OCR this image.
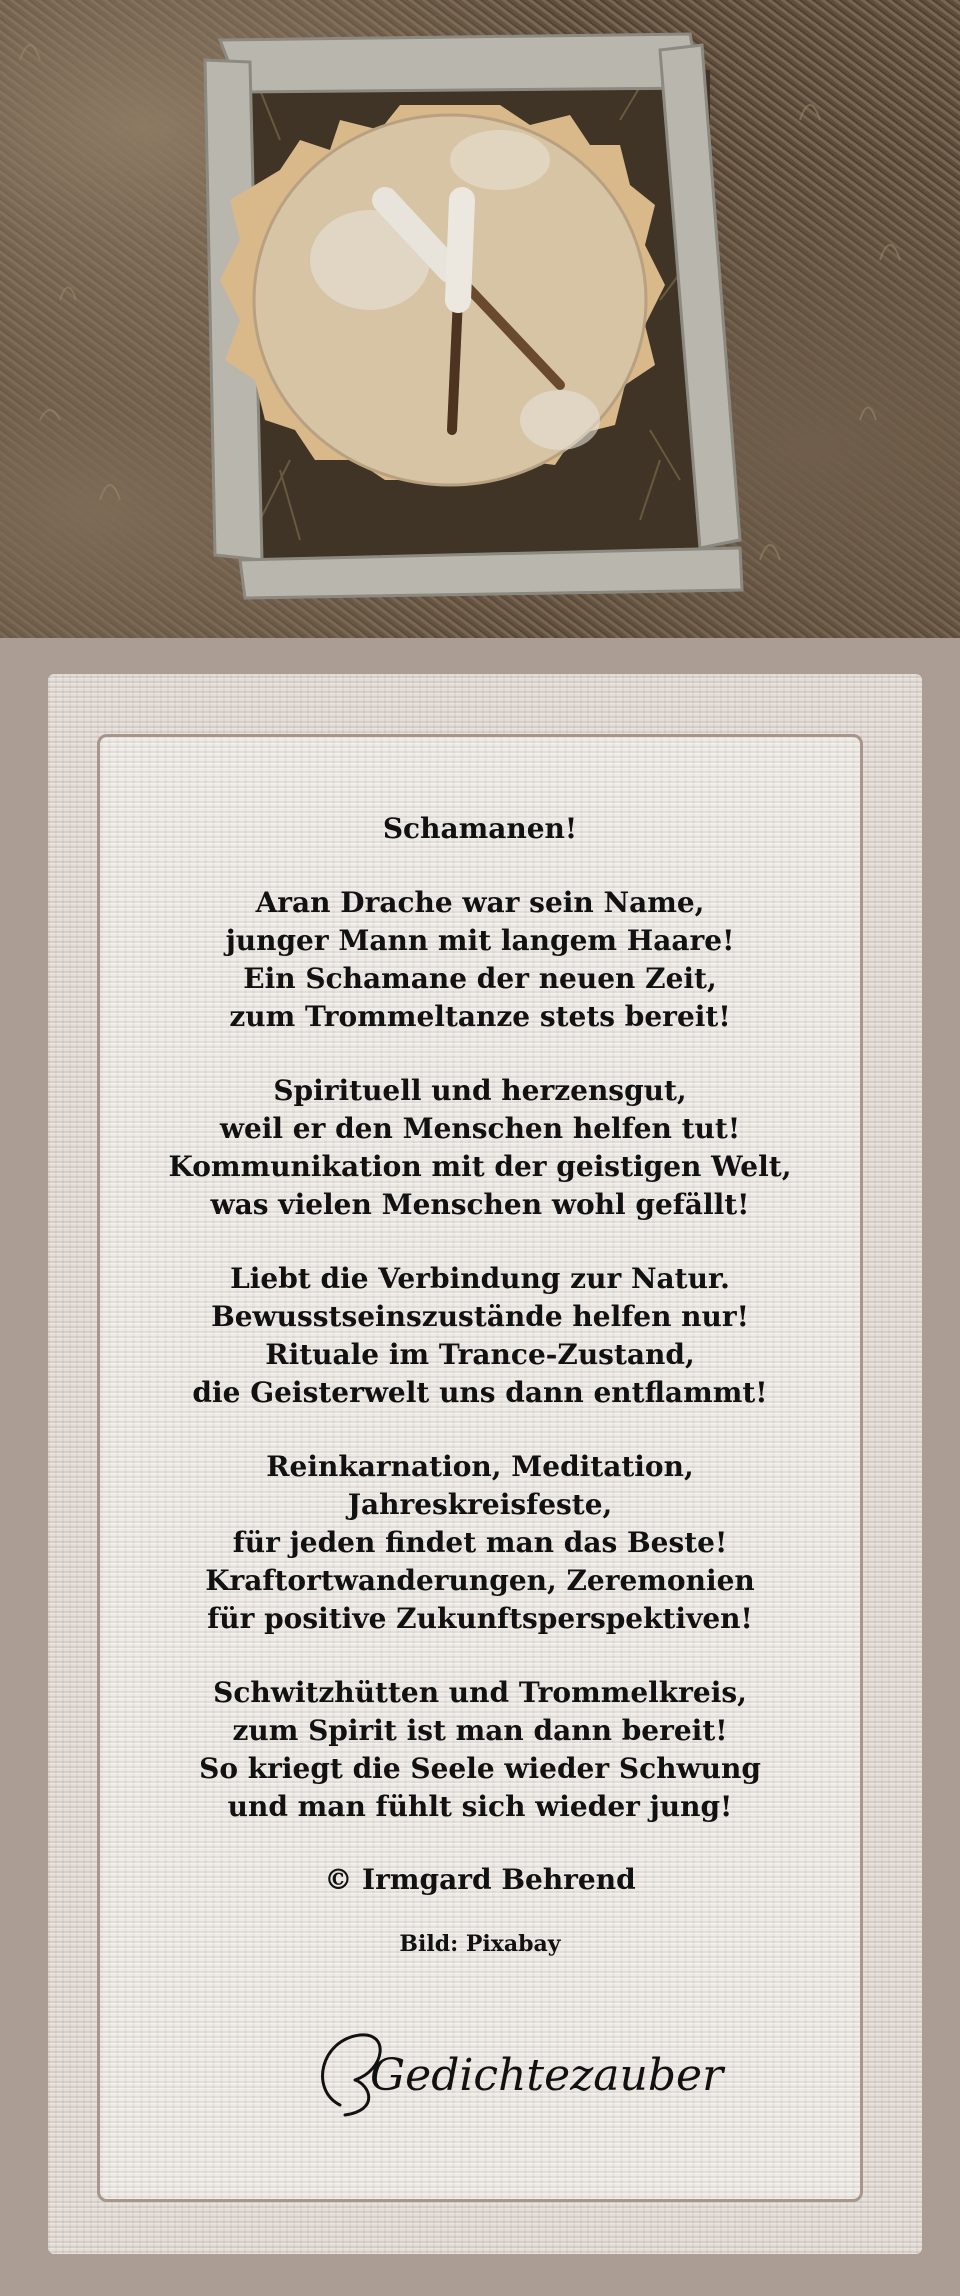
Schamanen!
Aran Drache war sein Name,
junger Mann mit langem Haare!
Ein Schamane der neuen Zeit,
zum Trommeltanze stets bereit!
Spirituell und herzensgut,
weil er den Menschen helfen tut!
Kommunikation mit der geistigen Welt,
was vielen Menschen wohl gefällt!
Liebt die Verbindung zur Natur.
Bewusstseinszustände helfen nur!
Rituale im Trance-Zustand,
die Geisterwelt uns dann entflammt!
Reinkarnation, Meditation,
Jahreskreisfeste,
für jeden findet man das Beste!
Kraftortwanderungen, Zeremonien
für positive Zukunftsperspektiven!
Schwitzhütten und Trommelkreis,
zum Spirit ist man dann bereit!
So kriegt die Seele wieder Schwung
und man fühlt sich wieder jung!
© Irmgard Behrend
Bild: Pixabay
Gedichtezauber
